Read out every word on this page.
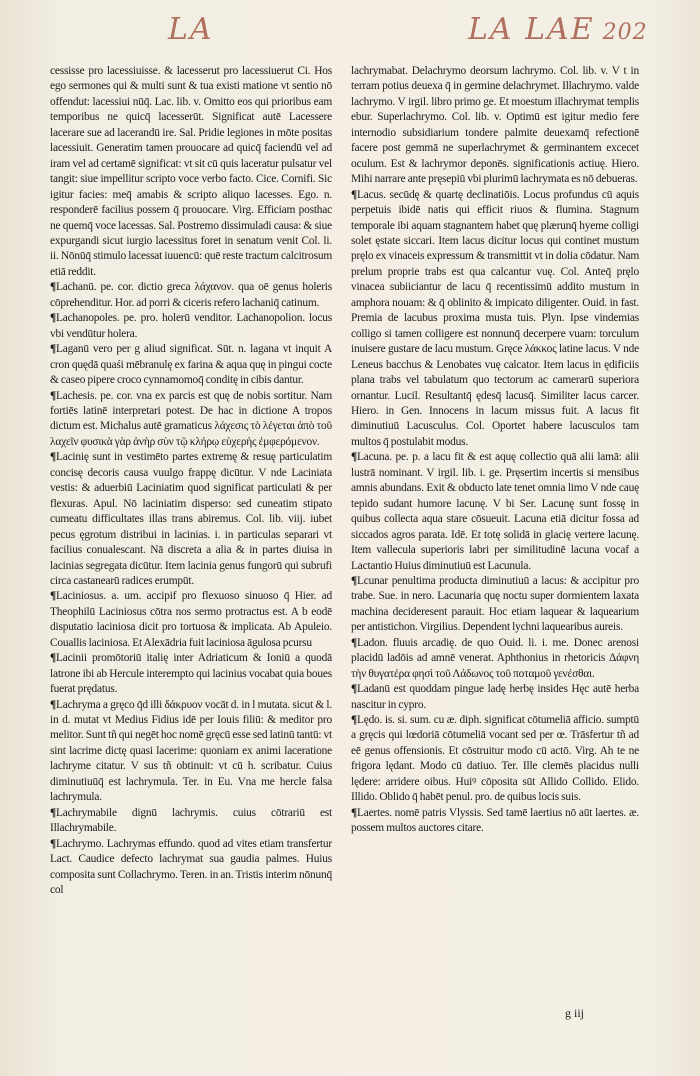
LA	LA LAE 202

cessisse pro lacessiuisse. & lacesserut pro lacessiuerut Ci. Hos ego sermones qui & multi sunt & tua existi matione vt sentio nō offendut: lacessiui nūq̄. Lac. lib. v. Omitto eos qui prioribus eam temporibus ne quicq̄ lacesserūt. Significat autē Lacessere lacerare sue ad lacerandū ire. Sal. Pridie legiones in mōte positas lacessiuit. Generatim tamen prouocare ad quicq̄ faciendū vel ad iram vel ad certamē significat: vt sit cū quis laceratur pulsatur vel tangit: siue impellitur scripto voce verbo facto. Cice. Cornifi. Sic igitur facies: meq̄ amabis & scripto aliquo lacesses. Ego. n. responderē facilius possem q̄ prouocare. Virg. Efficiam posthac ne quemq̄ voce lacessas. Sal. Postremo dissimuladi causa: & siue expurgandi sicut iurgio lacessitus foret in senatum venit Col. li. ii. Nōnūq̄ stimulo lacessat iuuencū: quē reste tractum calcitrosum etiā reddit.

¶Lachanū. pe. cor. dictio greca λάχανον. qua oē genus holeris cōprehenditur. Hor. ad porri & ciceris refero lachaniq̄ catinum.

¶Lachanopoles. pe. pro. holerū venditor. Lachanopolion. locus vbi vendūtur holera.

¶Laganū vero per g aliud significat. Sūt. n. lagana vt inquit A cron quędā quaśi mēbranulę ex farina & aqua quę in pingui cocte & caseo pipere croco cynnamomoq̄ conditę in cibis dantur.

¶Lachesis. pe. cor. vna ex parcis est quę de nobis sortitur. Nam fortiēs latinē interpretari potest. De hac in dictione A tropos dictum est. Michalus autē gramaticus λάχεσις τὸ λέγεται ἀπὸ τοῦ λαχεῖν φυσικὰ γὰρ ἀνὴρ σὺν τῷ κλήρῳ εὐχερὴς ἐμφερόμενον.

¶Lacinię sunt in vestimēto partes extremę & resuę particulatim concisę decoris causa vuulgo frappę dicūtur. V nde Laciniata vestis: & aduerbiū Laciniatim quod significat particulati & per flexuras. Apul. Nō laciniatim disperso: sed cuneatim stipato cumeatu difficultates illas trans abiremus. Col. lib. viij. iubet pecus ęgrotum distribui in lacinias. i. in particulas separari vt facilius conualescant. Nā discreta a alia & in partes diuisa in lacinias segregata dicūtur. Item lacinia genus fungorū qui subrufi circa castanearū radices erumpūt.

¶Laciniosus. a. um. accipif pro flexuoso sinuoso q̄ Hier. ad Theophilū Laciniosus cōtra nos sermo protractus est. A b eodē disputatio laciniosa dicit pro tortuosa & implicata. Ab Apuleio. Couallis laciniosa. Et Alexādria fuit laciniosa āgulosa pcursu

¶Lacinii promōtoriū italię inter Adriaticum & Ioniū a quodā latrone ibi ab Hercule interempto qui lacinius vocabat quia boues fuerat prędatus.

¶Lachryma a gręco q̄d illi δάκρυον vocāt d. in l mutata. sicut & l. in d. mutat vt Medius Fidius idē per Iouis filiū: & meditor pro melitor. Sunt tñ qui negēt hoc nomē gręcū esse sed latinū tantū: vt sint lacrime dictę quasi lacerime: quoniam ex animi laceratione lachryme citatur. V sus tñ obtinuit: vt cū h. scribatur. Cuius diminutiuūq̄ est lachrymula. Ter. in Eu. Vna me hercle falsa lachrymula.

¶Lachrymabile dignū lachrymis. cuius cōtrariū est Illachrymabile.

¶Lachrymo. Lachrymas effundo. quod ad vites etiam transfertur Lact. Caudice defecto lachrymat sua gaudia palmes. Huius composita sunt Collachrymo. Teren. in an. Tristis interim nōnunq̄ col

lachrymabat. Delachrymo deorsum lachrymo. Col. lib. v. V t in terram potius deuexa q̄ in germine delachrymet. Illachrymo. valde lachrymo. V irgil. libro primo ge. Et moestum illachrymat templis ebur. Superlachrymo. Col. lib. v. Optimū est igitur medio fere internodio subsidiarium tondere palmite deuexamq̄ refectionē facere post gemmā ne superlachrymet & germinantem excecet oculum. Est & lachrymor deponēs. significationis actiuę. Hiero. Mihi narrare ante pręsepiū vbi plurimū lachrymata es nō debueras.

¶Lacus. secūdę & quartę declinatiōis. Locus profundus cū aquis perpetuis ibidē natis qui efficit riuos & flumina. Stagnum temporale ibi aquam stagnantem habet quę plærunq̄ hyeme colligi solet ęstate siccari. Item lacus dicitur locus qui continet mustum pręlo ex vinaceis expressum & transmittit vt in dolia cōdatur. Nam prelum proprie trabs est qua calcantur vuę. Col. Anteq̄ pręlo vinacea subiiciantur de lacu q̄ recentissimū addito mustum in amphora nouam: & q̄ oblinito & impicato diligenter. Ouid. in fast. Premia de lacubus proxima musta tuis. Plyn. Ipse vindemias colligo si tamen colligere est nonnunq̄ decerpere vuam: torculum inuisere gustare de lacu mustum. Gręce λάκκος latine lacus. V nde Leneus bacchus & Lenobates vuę calcator. Item lacus in ędificiis plana trabs vel tabulatum quo tectorum ac camerarū superiora ornantur. Lucil. Resultantq̄ ędesq̄ lacusq̄. Similiter lacus carcer. Hiero. in Gen. Innocens in lacum missus fuit. A lacus fit diminutiuū Lacusculus. Col. Oportet habere lacusculos tam multos q̄ postulabit modus.

¶Lacuna. pe. p. a lacu fit & est aquę collectio quā alii lamā: alii lustrā nominant. V irgil. lib. i. ge. Pręsertim incertis si mensibus amnis abundans. Exit & obducto late tenet omnia limo V nde cauę tepido sudant humore lacunę. V bi Ser. Lacunę sunt fossę in quibus collecta aqua stare cōsueuit. Lacuna etiā dicitur fossa ad siccados agros parata. Idē. Et totę solidā in glacię vertere lacunę. Item vallecula superioris labri per similitudinē lacuna vocaf a Lactantio Huius diminutiuū est Lacunula.

¶Lcunar penultima producta diminutiuū a lacus: & accipitur pro trabe. Sue. in nero. Lacunaria quę noctu super dormientem laxata machina decideresent parauit. Hoc etiam laquear & laquearium per antistichon. Virgilius. Dependent lychni laquearibus aureis.

¶Ladon. fluuis arcadię. de quo Ouid. li. i. me. Donec arenosi placidū ladōis ad amnē venerat. Aphthonius in rhetoricis Δάφνη τὴν θυγατέρα φησὶ τοῦ Λάδωνος τοῦ ποταμοῦ γενέσθαι.

¶Ladanū est quoddam pingue ladę herbę insides Hęc autē herba nascitur in cypro.

¶Lędo. is. si. sum. cu æ. diph. significat cōtumeliā afficio. sumptū a gręcis qui lœdoriā cōtumeliā vocant sed per œ. Trāsfertur tñ ad eē genus offensionis. Et cōstruitur modo cū actō. Virg. Ah te ne frigora lędant. Modo cū datiuo. Ter. Ille clemēs placidus nulli lędere: arridere oibus. Huiꝰ cōposita sūt Allido Collido. Elido. Illido. Oblido q̄ habēt penul. pro. de quibus locis suis.

¶Laertes. nomē patris Vlyssis. Sed tamē laertius nō aūt laertes. æ. possem multos auctores citare.

g iij
